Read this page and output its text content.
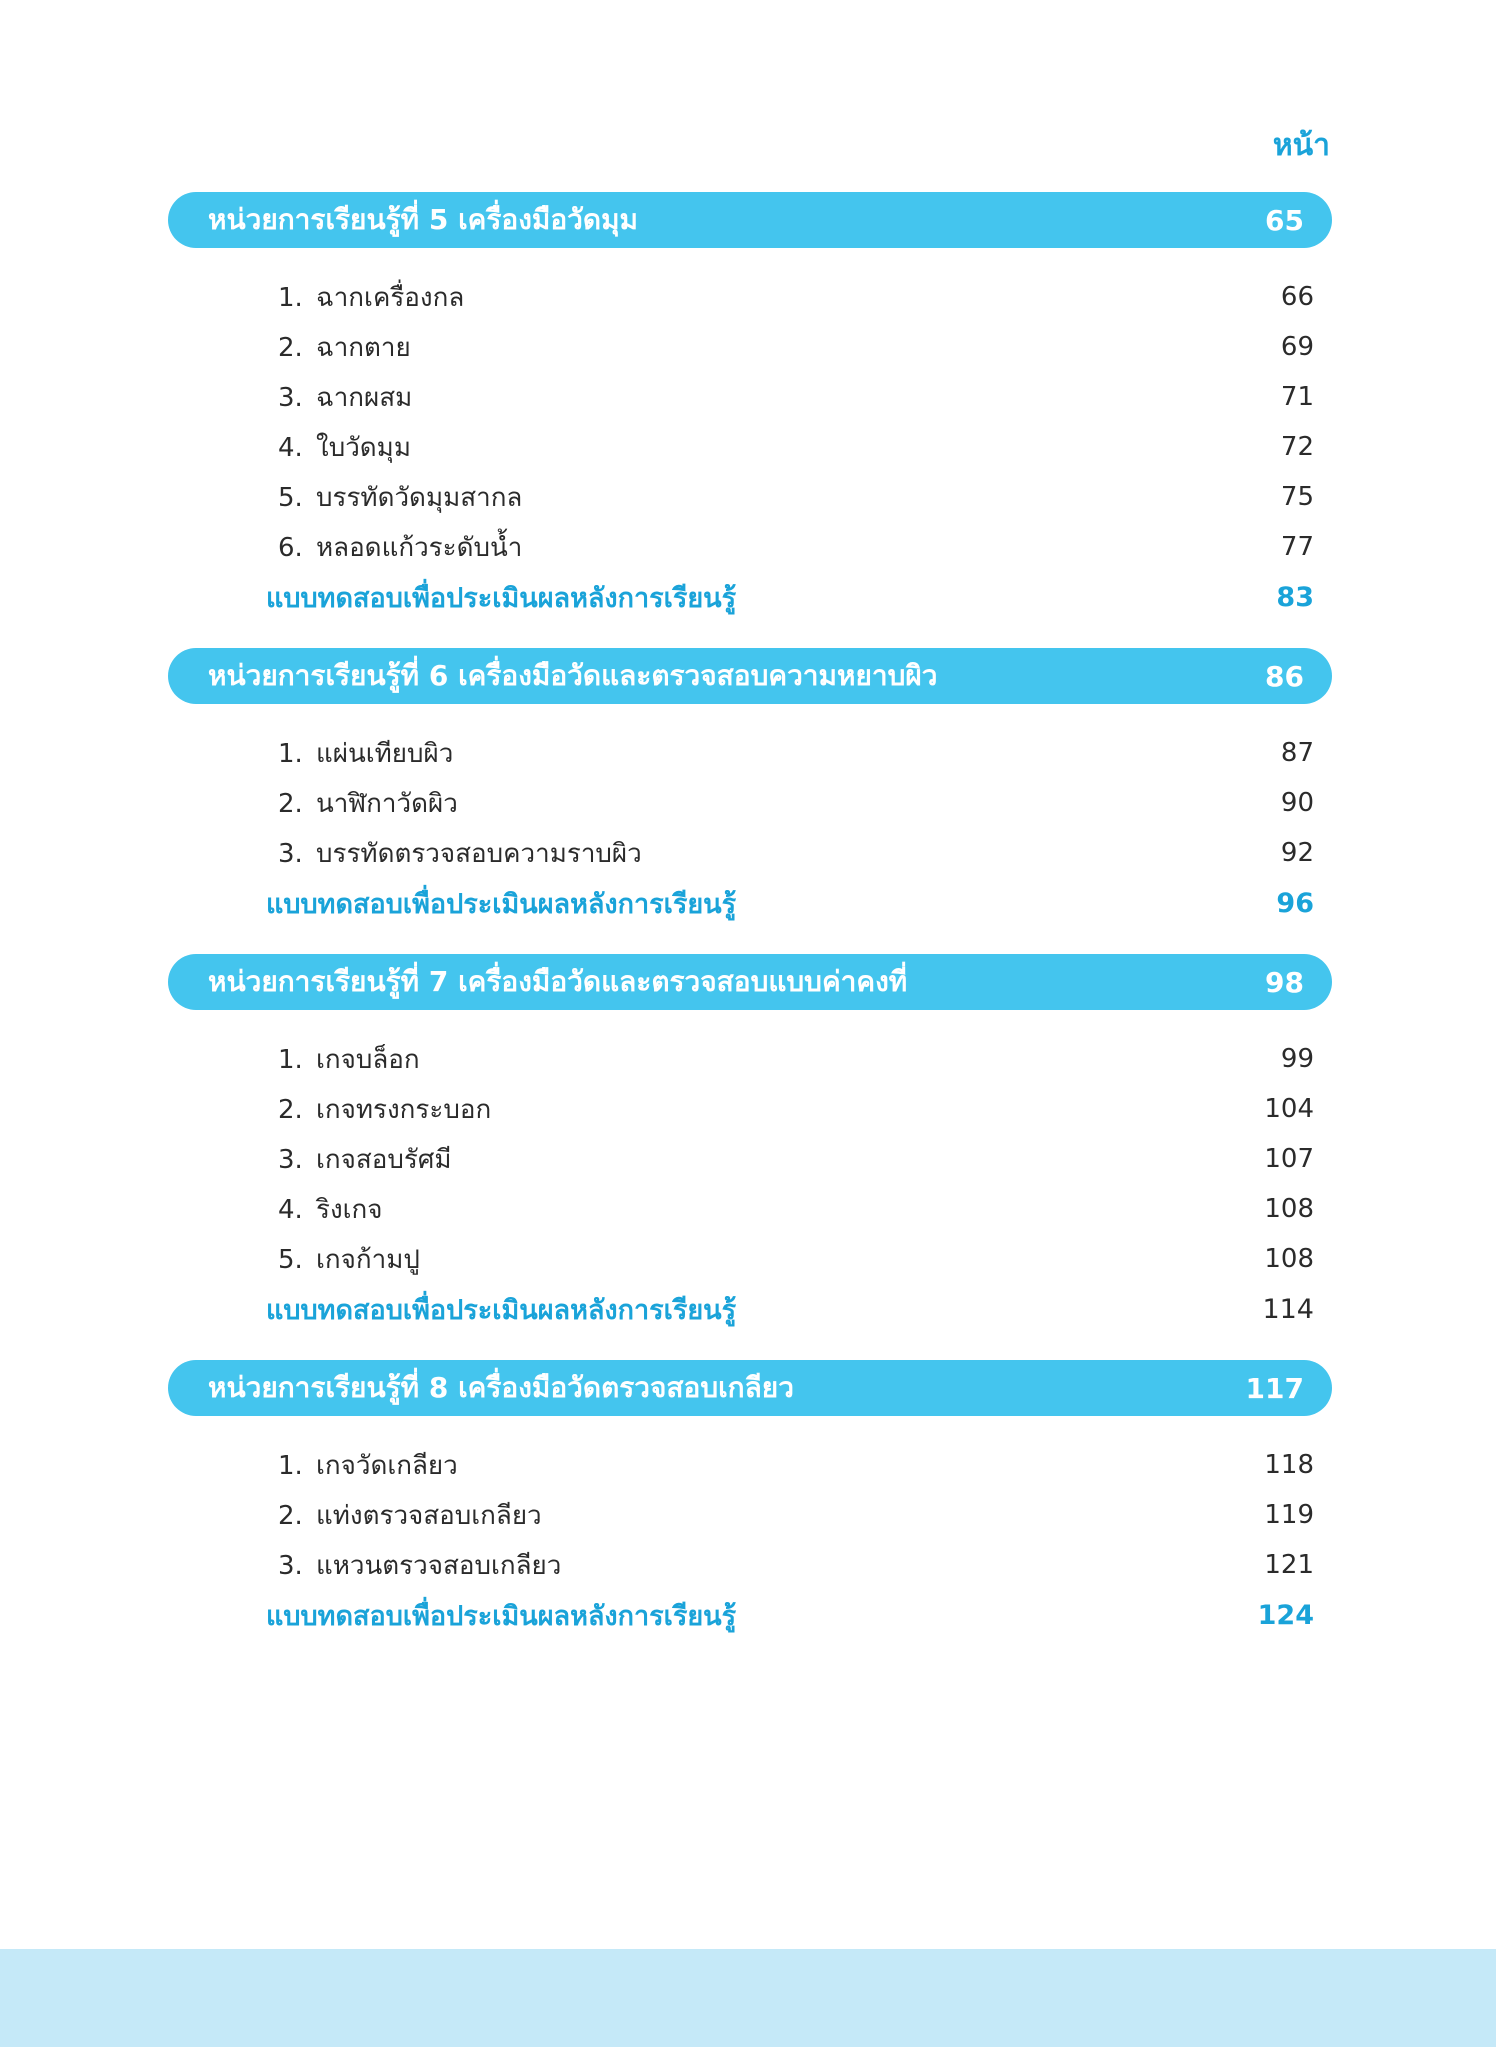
หน้า
หน่วยการเรียนรู้ที่ 5 เครื่องมือวัดมุม	65
1. ฉากเครื่องกล	66
2. ฉากตาย	69
3. ฉากผสม	71
4. ใบวัดมุม	72
5. บรรทัดวัดมุมสากล	75
6. หลอดแก้วระดับน้ำ	77
แบบทดสอบเพื่อประเมินผลหลังการเรียนรู้	83
หน่วยการเรียนรู้ที่ 6 เครื่องมือวัดและตรวจสอบความหยาบผิว	86
1. แผ่นเทียบผิว	87
2. นาฬิกาวัดผิว	90
3. บรรทัดตรวจสอบความราบผิว	92
แบบทดสอบเพื่อประเมินผลหลังการเรียนรู้	96
หน่วยการเรียนรู้ที่ 7 เครื่องมือวัดและตรวจสอบแบบค่าคงที่	98
1. เกจบล็อก	99
2. เกจทรงกระบอก	104
3. เกจสอบรัศมี	107
4. ริงเกจ	108
5. เกจก้ามปู	108
แบบทดสอบเพื่อประเมินผลหลังการเรียนรู้	114
หน่วยการเรียนรู้ที่ 8 เครื่องมือวัดตรวจสอบเกลียว	117
1. เกจวัดเกลียว	118
2. แท่งตรวจสอบเกลียว	119
3. แหวนตรวจสอบเกลียว	121
แบบทดสอบเพื่อประเมินผลหลังการเรียนรู้	124
